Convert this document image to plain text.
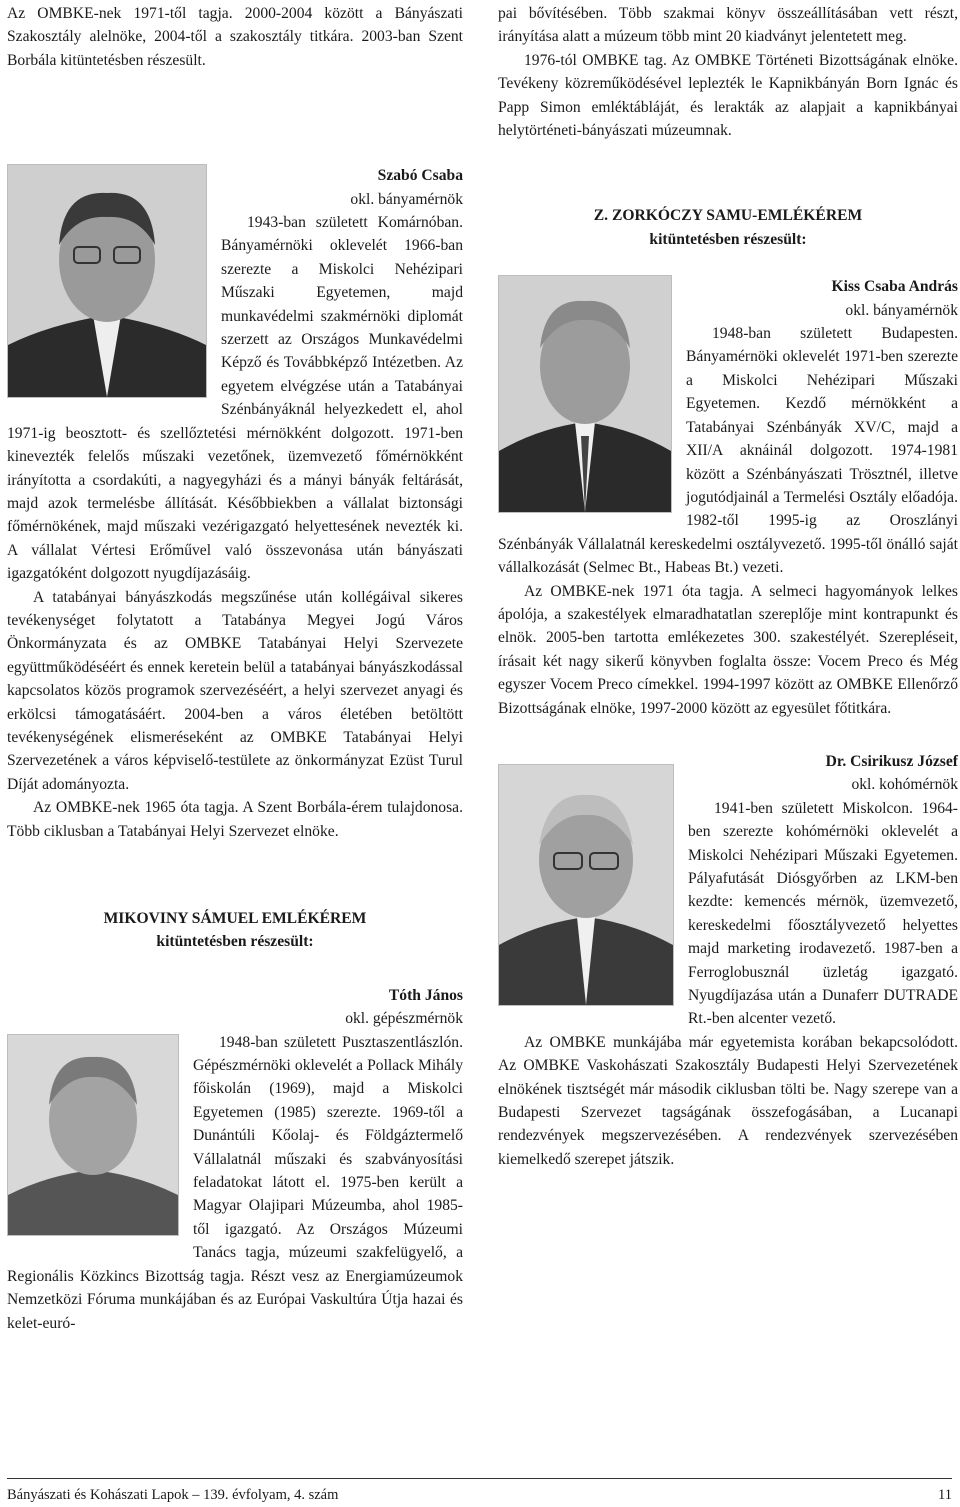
Az OMBKE-nek 1971-től tagja. 2000-2004 között a Bányászati Szakosztály alelnöke, 2004-től a szakosztály titkára. 2003-ban Szent Borbála kitüntetésben részesült.

Szabó Csaba

okl. bányamérnök

1943-ban született Komárnóban. Bányamérnöki oklevelét 1966-ban szerezte a Miskolci Nehézipari Műszaki Egyetemen, majd munkavédelmi szakmérnöki diplomát szerzett az Országos Munkavédelmi Képző és Továbbképző Intézetben. Az egyetem elvégzése után a Tatabányai Szénbányáknál helyezkedett el, ahol 1971-ig beosztott- és szellőztetési mérnökként dolgozott. 1971-ben kinevezték felelős műszaki vezetőnek, üzemvezető főmérnökként irányította a csordakúti, a nagyegyházi és a mányi bányák feltárását, majd azok termelésbe állítását. Későbbiekben a vállalat biztonsági főmérnökének, majd műszaki vezérigazgató helyettesének nevezték ki. A vállalat Vértesi Erőművel való összevonása után bányászati igazgatóként dolgozott nyugdíjazásáig.

A tatabányai bányászkodás megszűnése után kollégáival sikeres tevékenységet folytatott a Tatabánya Megyei Jogú Város Önkormányzata és az OMBKE Tatabányai Helyi Szervezete együttműködéséért és ennek keretein belül a tatabányai bányászkodással kapcsolatos közös programok szervezéséért, a helyi szervezet anyagi és erkölcsi támogatásáért. 2004-ben a város életében betöltött tevékenységének elismeréseként az OMBKE Tatabányai Helyi Szervezetének a város képviselő-testülete az önkormányzat Ezüst Turul Díját adományozta.

Az OMBKE-nek 1965 óta tagja. A Szent Borbála-érem tulajdonosa. Több ciklusban a Tatabányai Helyi Szervezet elnöke.

MIKOVINY SÁMUEL EMLÉKÉREM

kitüntetésben részesült:

Tóth János

okl. gépészmérnök

1948-ban született Pusztaszentlászlón. Gépészmérnöki oklevelét a Pollack Mihály főiskolán (1969), majd a Miskolci Egyetemen (1985) szerezte. 1969-től a Dunántúli Kőolaj- és Földgáztermelő Vállalatnál műszaki és szabványosítási feladatokat látott el. 1975-ben került a Magyar Olajipari Múzeumba, ahol 1985-től igazgató. Az Országos Múzeumi Tanács tagja, múzeumi szakfelügyelő, a Regionális Közkincs Bizottság tagja. Részt vesz az Energiamúzeumok Nemzetközi Fóruma munkájában és az Európai Vaskultúra Útja hazai és kelet-euró-

pai bővítésében. Több szakmai könyv összeállításában vett részt, irányítása alatt a múzeum több mint 20 kiadványt jelentetett meg.

1976-tól OMBKE tag. Az OMBKE Történeti Bizottságának elnöke. Tevékeny közreműködésével leplezték le Kapnikbányán Born Ignác és Papp Simon emléktábláját, és lerakták az alapjait a kapnikbányai helytörténeti-bányászati múzeumnak.

Z. ZORKÓCZY SAMU-EMLÉKÉREM

kitüntetésben részesült:

Kiss Csaba András

okl. bányamérnök

1948-ban született Budapesten. Bányamérnöki oklevelét 1971-ben szerezte a Miskolci Nehézipari Műszaki Egyetemen. Kezdő mérnökként a Tatabányai Szénbányák XV/C, majd a XII/A aknáinál dolgozott. 1974-1981 között a Szénbányászati Trösztnél, illetve jogutódjainál a Termelési Osztály előadója. 1982-től 1995-ig az Oroszlányi Szénbányák Vállalatnál kereskedelmi osztályvezető. 1995-től önálló saját vállalkozását (Selmec Bt., Habeas Bt.) vezeti.

Az OMBKE-nek 1971 óta tagja. A selmeci hagyományok lelkes ápolója, a szakestélyek elmaradhatatlan szereplője mint kontrapunkt és elnök. 2005-ben tartotta emlékezetes 300. szakestélyét. Szerepléseit, írásait két nagy sikerű könyvben foglalta össze: Vocem Preco és Még egyszer Vocem Preco címekkel. 1994-1997 között az OMBKE Ellenőrző Bizottságának elnöke, 1997-2000 között az egyesület főtitkára.

Dr. Csirikusz József

okl. kohómérnök

1941-ben született Miskolcon. 1964-ben szerezte kohómérnöki oklevelét a Miskolci Nehézipari Műszaki Egyetemen. Pályafutását Diósgyőrben az LKM-ben kezdte: kemencés mérnök, üzemvezető, kereskedelmi főosztályvezető helyettes majd marketing irodavezető. 1987-ben a Ferroglobusznál üzletág igazgató. Nyugdíjazása után a Dunaferr DUTRADE Rt.-ben alcenter vezető.

Az OMBKE munkájába már egyetemista korában bekapcsolódott. Az OMBKE Vaskohászati Szakosztály Budapesti Helyi Szervezetének elnökének tisztségét már második ciklusban tölti be. Nagy szerepe van a Budapesti Szervezet tagságának összefogásában, a Lucanapi rendezvények megszervezésében. A rendezvények szervezésében kiemelkedő szerepet játszik.

Bányászati és Kohászati Lapok – 139. évfolyam, 4. szám	11
